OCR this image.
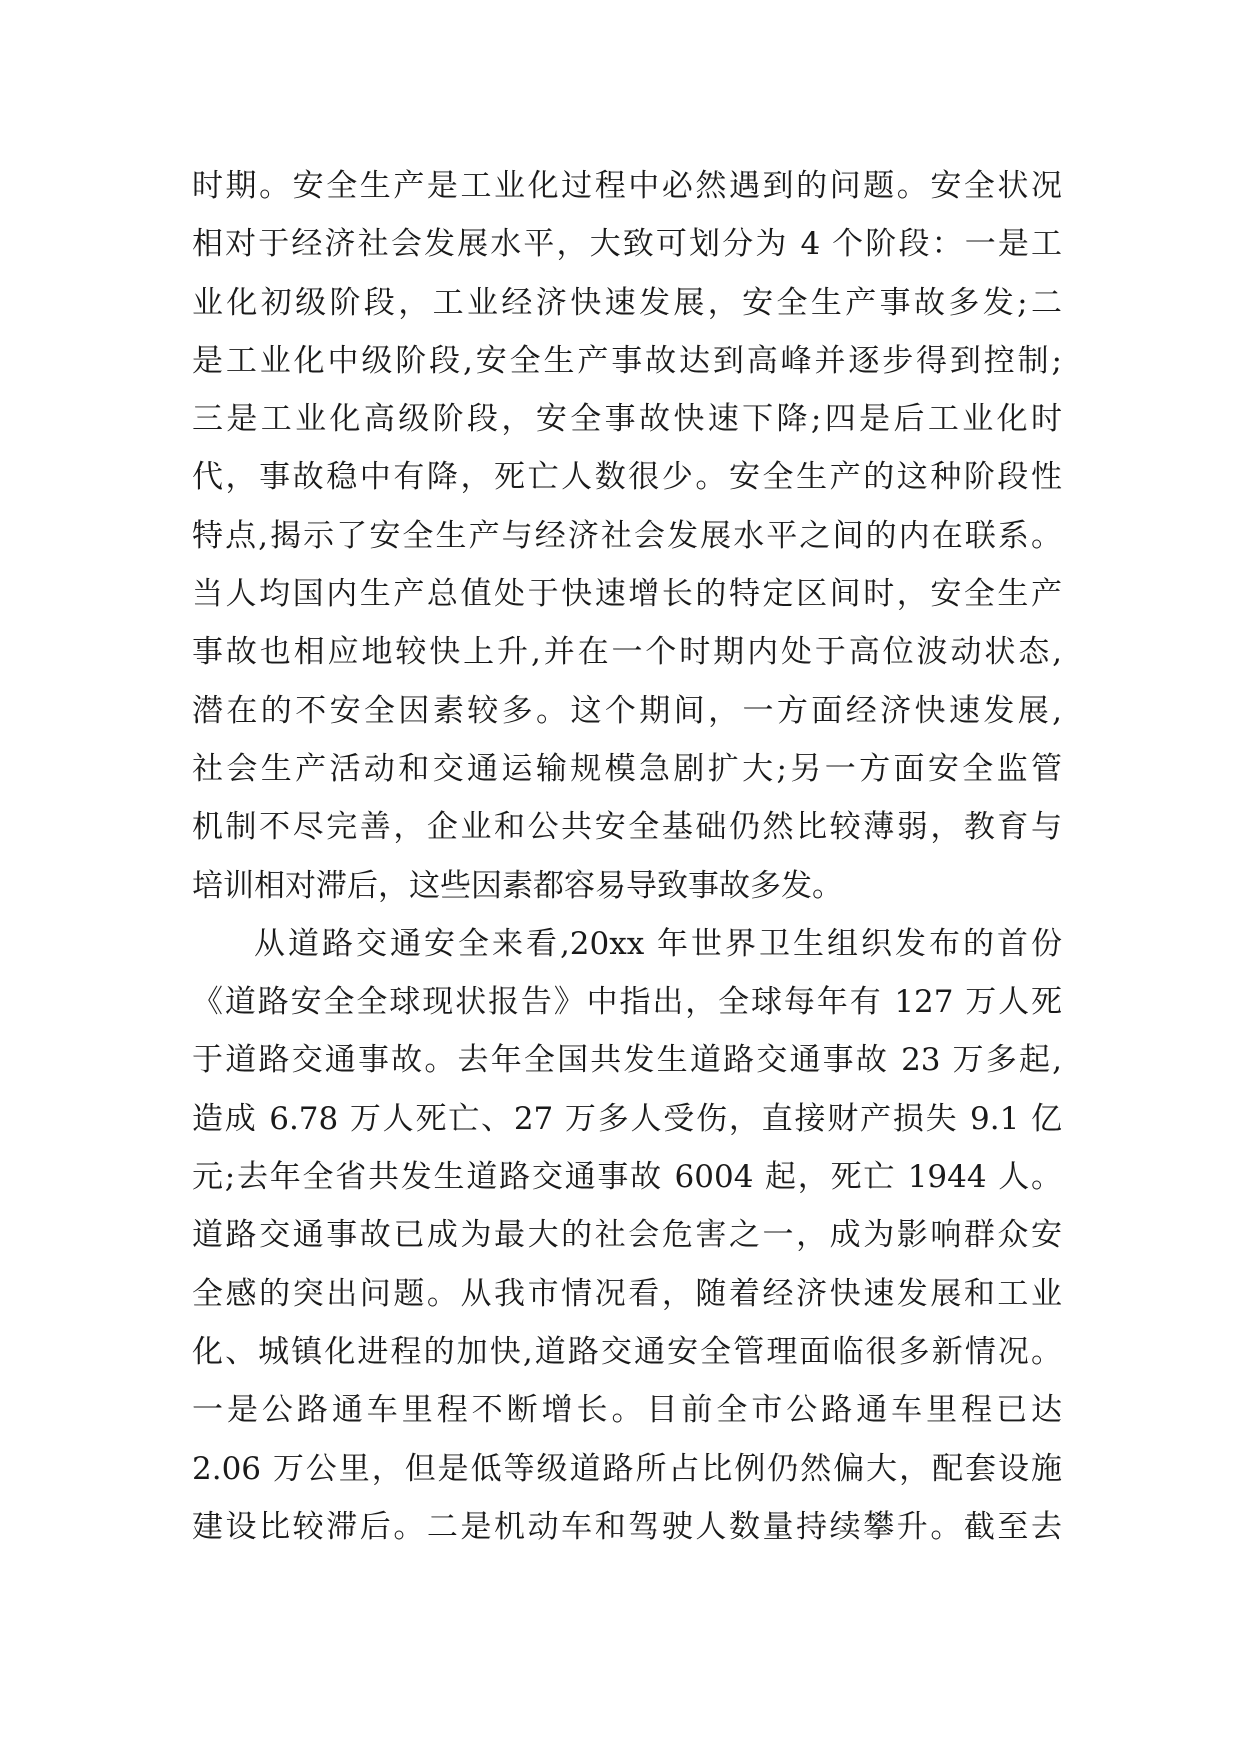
时期。安全生产是工业化过程中必然遇到的问题。安全状况
相对于经济社会发展水平，大致可划分为 4 个阶段：一是工
业化初级阶段，工业经济快速发展，安全生产事故多发;二
是工业化中级阶段,安全生产事故达到高峰并逐步得到控制;
三是工业化高级阶段，安全事故快速下降;四是后工业化时
代，事故稳中有降，死亡人数很少。安全生产的这种阶段性
特点,揭示了安全生产与经济社会发展水平之间的内在联系。
当人均国内生产总值处于快速增长的特定区间时，安全生产
事故也相应地较快上升,并在一个时期内处于高位波动状态,
潜在的不安全因素较多。这个期间，一方面经济快速发展,
社会生产活动和交通运输规模急剧扩大;另一方面安全监管
机制不尽完善，企业和公共安全基础仍然比较薄弱，教育与
培训相对滞后，这些因素都容易导致事故多发。
从道路交通安全来看,20xx 年世界卫生组织发布的首份
《道路安全全球现状报告》中指出，全球每年有 127 万人死
于道路交通事故。去年全国共发生道路交通事故 23 万多起,
造成 6.78 万人死亡、27 万多人受伤，直接财产损失 9.1 亿
元;去年全省共发生道路交通事故 6004 起，死亡 1944 人。
道路交通事故已成为最大的社会危害之一，成为影响群众安
全感的突出问题。从我市情况看，随着经济快速发展和工业
化、城镇化进程的加快,道路交通安全管理面临很多新情况。
一是公路通车里程不断增长。目前全市公路通车里程已达
2.06 万公里，但是低等级道路所占比例仍然偏大，配套设施
建设比较滞后。二是机动车和驾驶人数量持续攀升。截至去
